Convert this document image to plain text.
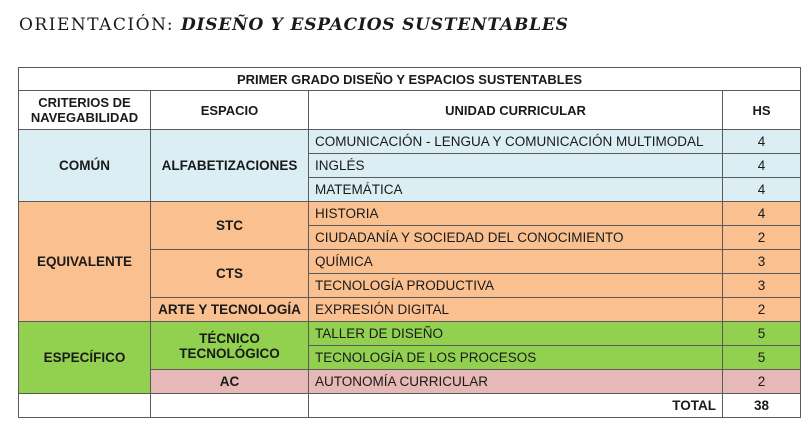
ORIENTACIÓN: DISEÑO Y ESPACIOS SUSTENTABLES
PRIMER GRADO DISEÑO Y ESPACIOS SUSTENTABLES			
CRITERIOS DE NAVEGABILIDAD	ESPACIO	UNIDAD CURRICULAR	HS
COMÚN	ALFABETIZACIONES	COMUNICACIÓN - LENGUA Y COMUNICACIÓN MULTIMODAL	4
		INGLÉS	4
		MATEMÁTICA	4
EQUIVALENTE	STC	HISTORIA	4
		CIUDADANÍA Y SOCIEDAD DEL CONOCIMIENTO	2
	CTS	QUÍMICA	3
		TECNOLOGÍA PRODUCTIVA	3
	ARTE Y TECNOLOGÍA	EXPRESIÓN DIGITAL	2
ESPECÍFICO	TÉCNICO TECNOLÓGICO	TALLER DE DISEÑO	5
		TECNOLOGÍA DE LOS PROCESOS	5
	AC	AUTONOMÍA CURRICULAR	2
		TOTAL	38
